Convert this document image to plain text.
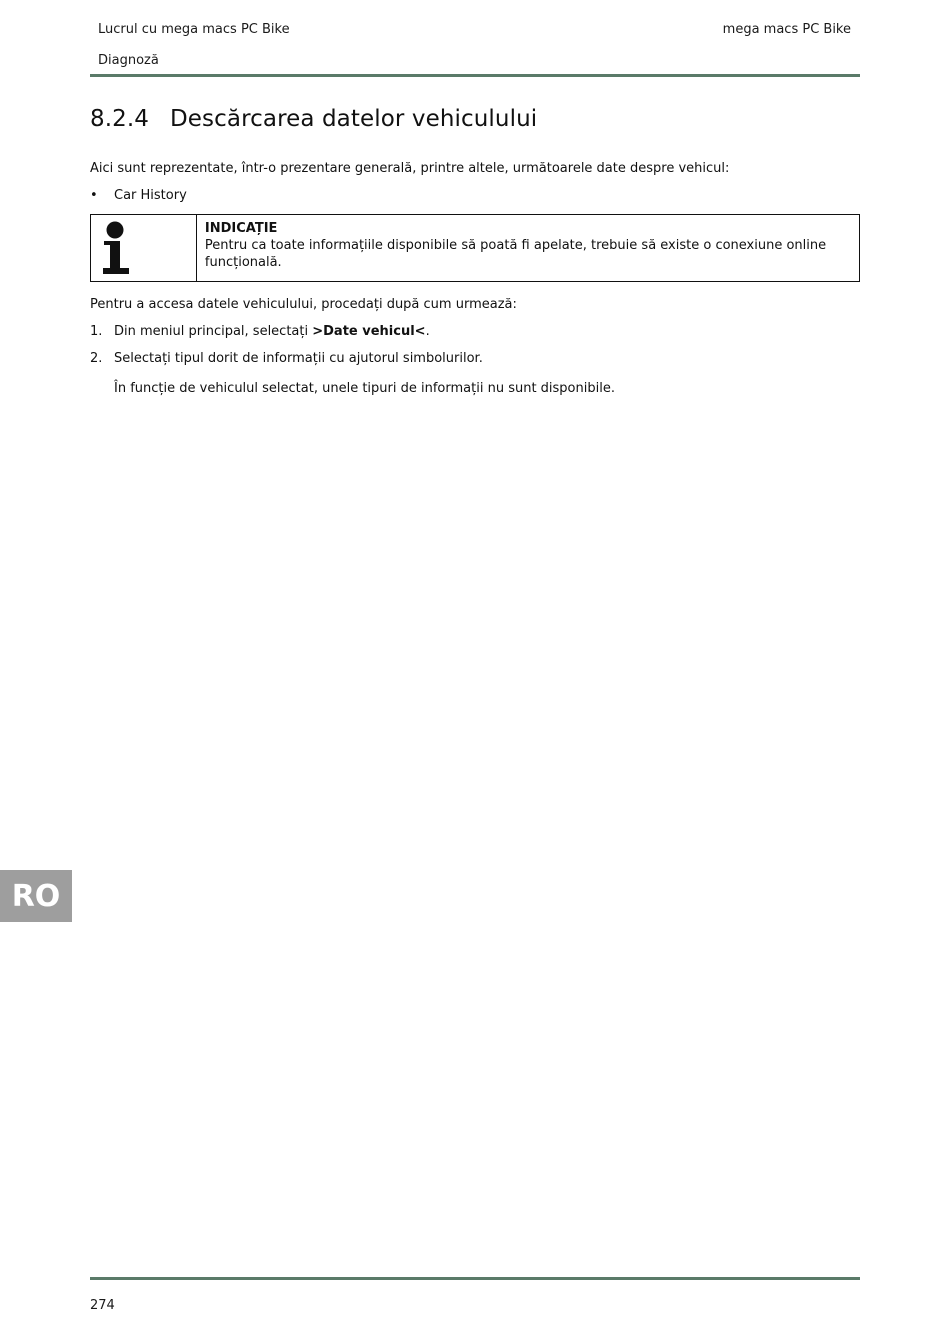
Lucrul cu mega macs PC Bike	mega macs PC Bike
Diagnoză
8.2.4 Descărcarea datelor vehiculului
Aici sunt reprezentate, într-o prezentare generală, printre altele, următoarele date despre vehicul:
• Car History
INDICAȚIE
Pentru ca toate informațiile disponibile să poată fi apelate, trebuie să existe o conexiune online funcțională.
Pentru a accesa datele vehiculului, procedați după cum urmează:
1. Din meniul principal, selectați >Date vehicul<.
2. Selectați tipul dorit de informații cu ajutorul simbolurilor.
În funcție de vehiculul selectat, unele tipuri de informații nu sunt disponibile.
RO
274
